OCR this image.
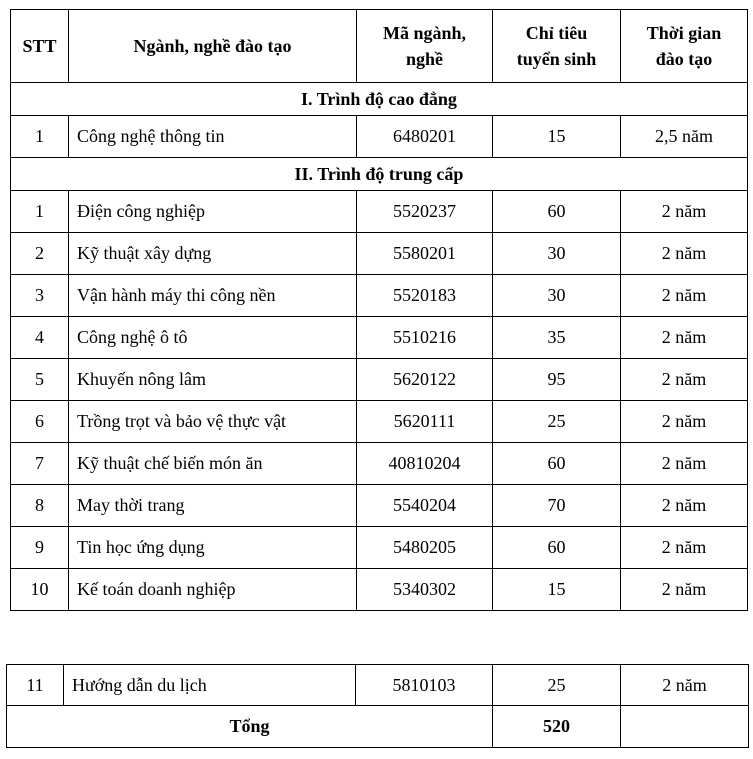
STT	Ngành, nghề đào tạo	Mã ngành, nghề	Chỉ tiêu tuyển sinh	Thời gian đào tạo
I. Trình độ cao đẳng				
1	Công nghệ thông tin	6480201	15	2,5 năm
II. Trình độ trung cấp				
1	Điện công nghiệp	5520237	60	2 năm
2	Kỹ thuật xây dựng	5580201	30	2 năm
3	Vận hành máy thi công nền	5520183	30	2 năm
4	Công nghệ ô tô	5510216	35	2 năm
5	Khuyến nông lâm	5620122	95	2 năm
6	Trồng trọt và bảo vệ thực vật	5620111	25	2 năm
7	Kỹ thuật chế biến món ăn	40810204	60	2 năm
8	May thời trang	5540204	70	2 năm
9	Tin học ứng dụng	5480205	60	2 năm
10	Kế toán doanh nghiệp	5340302	15	2 năm
11	Hướng dẫn du lịch	5810103	25	2 năm
Tổng			520	
